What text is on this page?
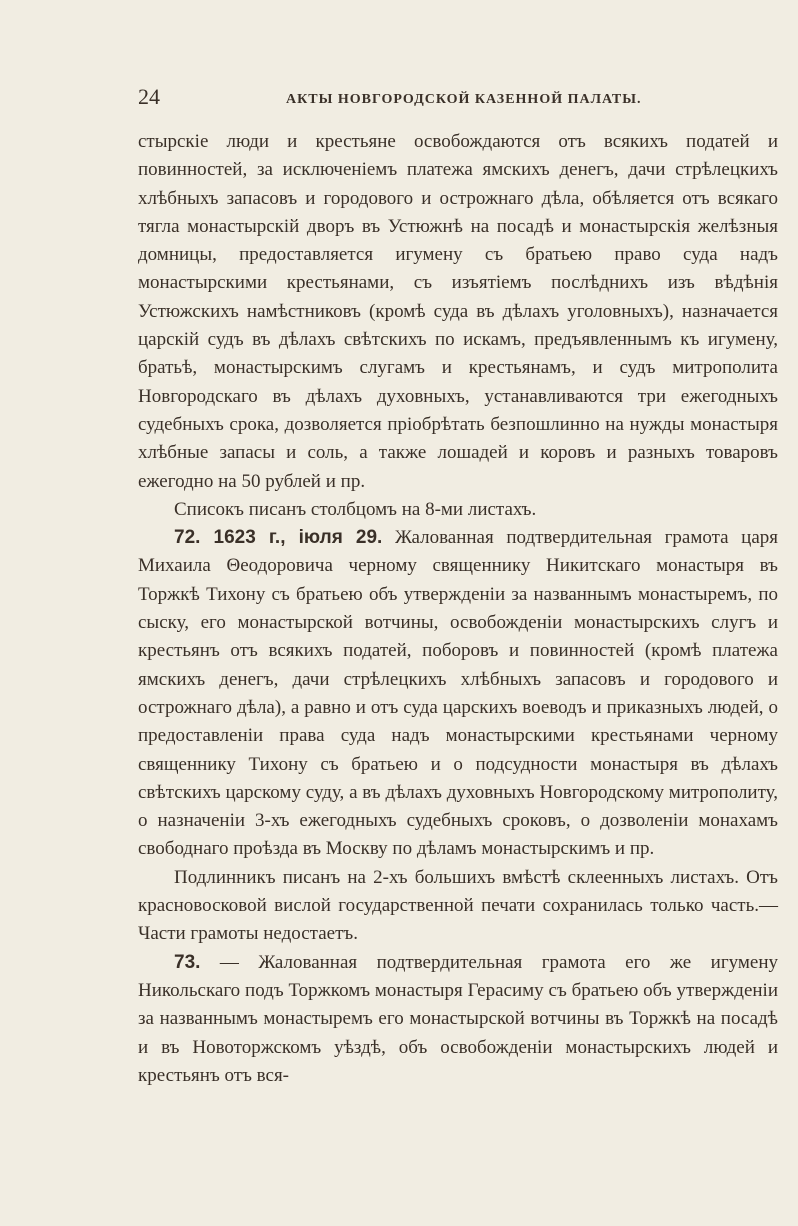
24	АКТЫ НОВГОРОДСКОЙ КАЗЕННОЙ ПАЛАТЫ.

стырскіе люди и крестьяне освобождаются отъ всякихъ податей и повинностей, за исключеніемъ платежа ямскихъ денегъ, дачи стрѣлецкихъ хлѣбныхъ запасовъ и городового и острожнаго дѣла, обѣляется отъ всякаго тягла монастырскій дворъ въ Устюжнѣ на посадѣ и монастырскія желѣзныя домницы, предоставляется игумену съ братьею право суда надъ монастырскими крестьянами, съ изъятіемъ послѣднихъ изъ вѣдѣнія Устюжскихъ намѣстниковъ (кромѣ суда въ дѣлахъ уголовныхъ), назначается царскій судъ въ дѣлахъ свѣтскихъ по искамъ, предъявленнымъ къ игумену, братьѣ, монастырскимъ слугамъ и крестьянамъ, и судъ митрополита Новгородскаго въ дѣлахъ духовныхъ, устанавливаются три ежегодныхъ судебныхъ срока, дозволяется пріобрѣтать безпошлинно на нужды монастыря хлѣбные запасы и соль, а также лошадей и коровъ и разныхъ товаровъ ежегодно на 50 рублей и пр.

Списокъ писанъ столбцомъ на 8-ми листахъ.

72. 1623 г., іюля 29. Жалованная подтвердительная грамота царя Михаила Θеодоровича черному священнику Никитскаго монастыря въ Торжкѣ Тихону съ братьею объ утвержденіи за названнымъ монастыремъ, по сыску, его монастырской вотчины, освобожденіи монастырскихъ слугъ и крестьянъ отъ всякихъ податей, поборовъ и повинностей (кромѣ платежа ямскихъ денегъ, дачи стрѣлецкихъ хлѣбныхъ запасовъ и городового и острожнаго дѣла), а равно и отъ суда царскихъ воеводъ и приказныхъ людей, о предоставленіи права суда надъ монастырскими крестьянами черному священнику Тихону съ братьею и о подсудности монастыря въ дѣлахъ свѣтскихъ царскому суду, а въ дѣлахъ духовныхъ Новгородскому митрополиту, о назначеніи 3-хъ ежегодныхъ судебныхъ сроковъ, о дозволеніи монахамъ свободнаго проѣзда въ Москву по дѣламъ монастырскимъ и пр.

Подлинникъ писанъ на 2-хъ большихъ вмѣстѣ склеенныхъ листахъ. Отъ красновосковой вислой государственной печати сохранилась только часть.—Части грамоты недостаетъ.

73. — Жалованная подтвердительная грамота его же игумену Никольскаго подъ Торжкомъ монастыря Герасиму съ братьею объ утвержденіи за названнымъ монастыремъ его монастырской вотчины въ Торжкѣ на посадѣ и въ Новоторжскомъ уѣздѣ, объ освобожденіи монастырскихъ людей и крестьянъ отъ вся-
